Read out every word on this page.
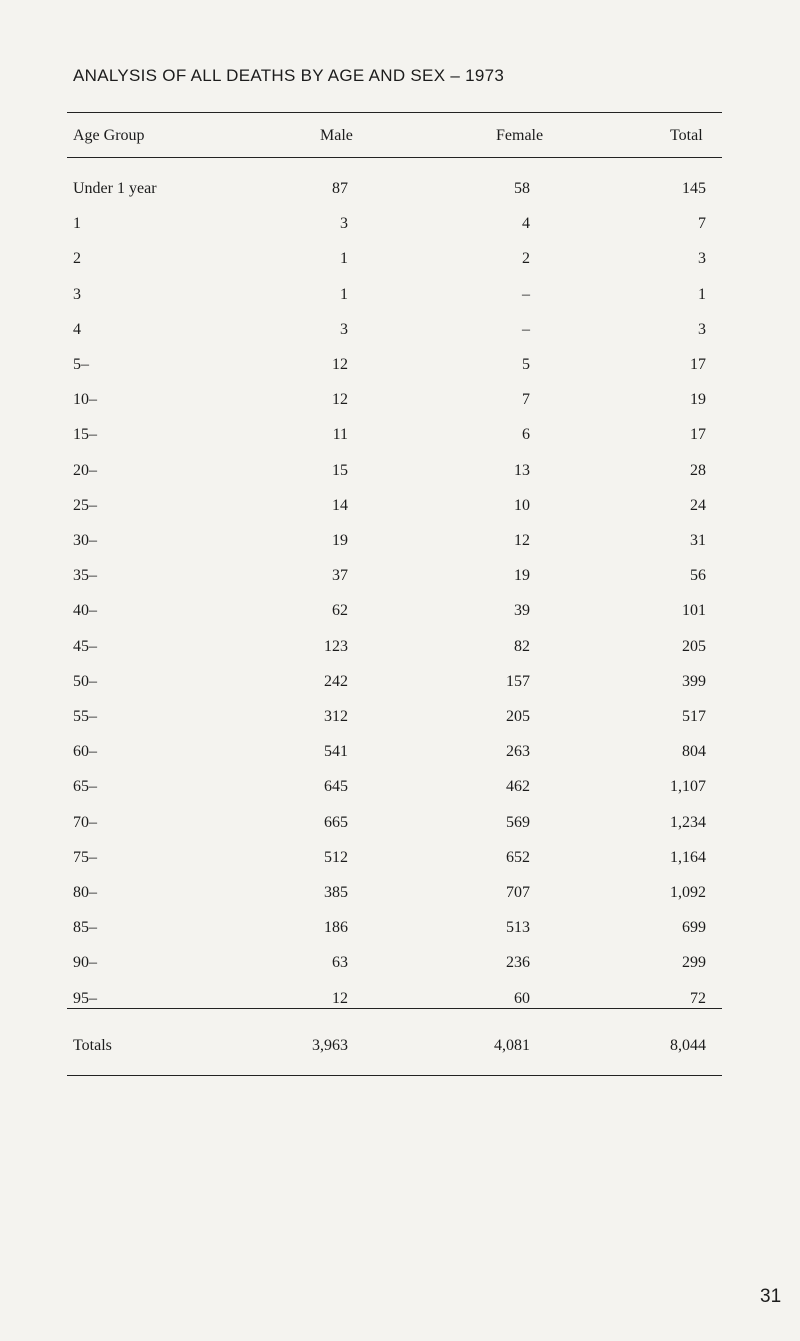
ANALYSIS OF ALL DEATHS BY AGE AND SEX – 1973
Age Group	Male	Female	Total
Under 1 year	87	58	145
1	3	4	7
2	1	2	3
3	1	–	1
4	3	–	3
5–	12	5	17
10–	12	7	19
15–	11	6	17
20–	15	13	28
25–	14	10	24
30–	19	12	31
35–	37	19	56
40–	62	39	101
45–	123	82	205
50–	242	157	399
55–	312	205	517
60–	541	263	804
65–	645	462	1,107
70–	665	569	1,234
75–	512	652	1,164
80–	385	707	1,092
85–	186	513	699
90–	63	236	299
95–	12	60	72
Totals	3,963	4,081	8,044
31
